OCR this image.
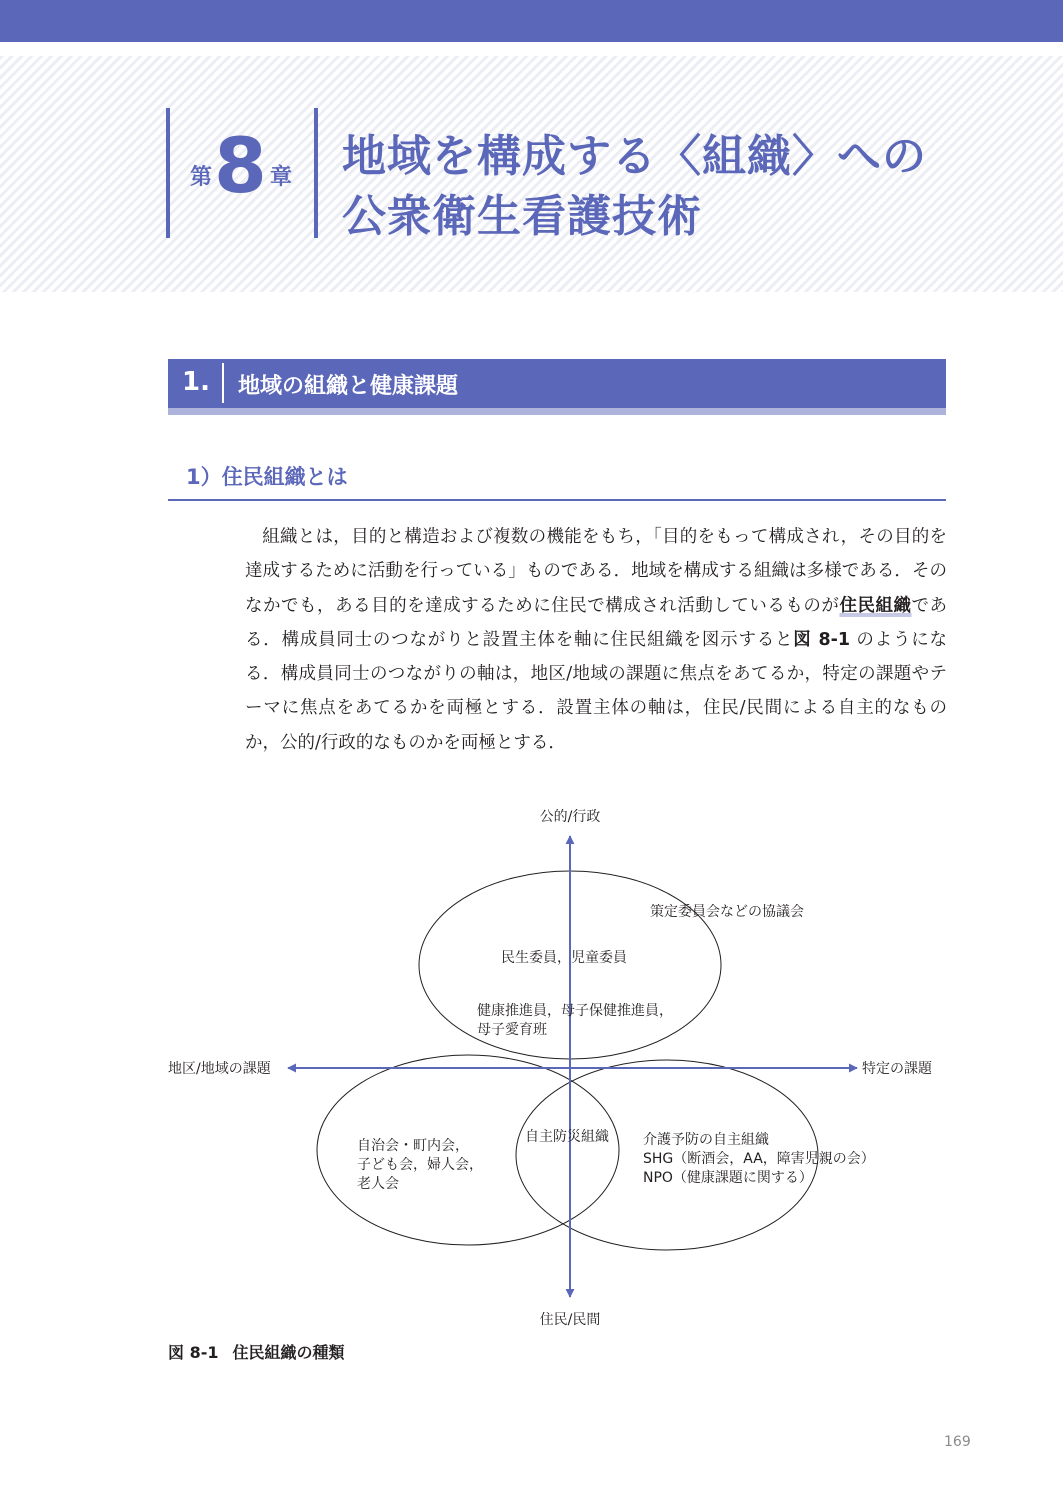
第 8 章 地域を構成する〈組織〉への
公衆衛生看護技術
1. 地域の組織と健康課題
1）住民組織とは
組織とは，目的と構造および複数の機能をもち，「目的をもって構成され，その目的を達成するために活動を行っている」ものである．地域を構成する組織は多様である．そのなかでも，ある目的を達成するために住民で構成され活動しているものが住民組織である．構成員同士のつながりと設置主体を軸に住民組織を図示すると図 8-1 のようになる．構成員同士のつながりの軸は，地区/地域の課題に焦点をあてるか，特定の課題やテーマに焦点をあてるかを両極とする．設置主体の軸は，住民/民間による自主的なものか，公的/行政的なものかを両極とする．
公的/行政
住民/民間
地区/地域の課題	特定の課題
策定委員会などの協議会
民生委員，児童委員
健康推進員，母子保健推進員，
母子愛育班
自治会・町内会，
子ども会，婦人会，
老人会
自主防災組織 介護予防の自主組織
SHG（断酒会，AA，障害児親の会）
NPO（健康課題に関する）
図 8-1 住民組織の種類
169
